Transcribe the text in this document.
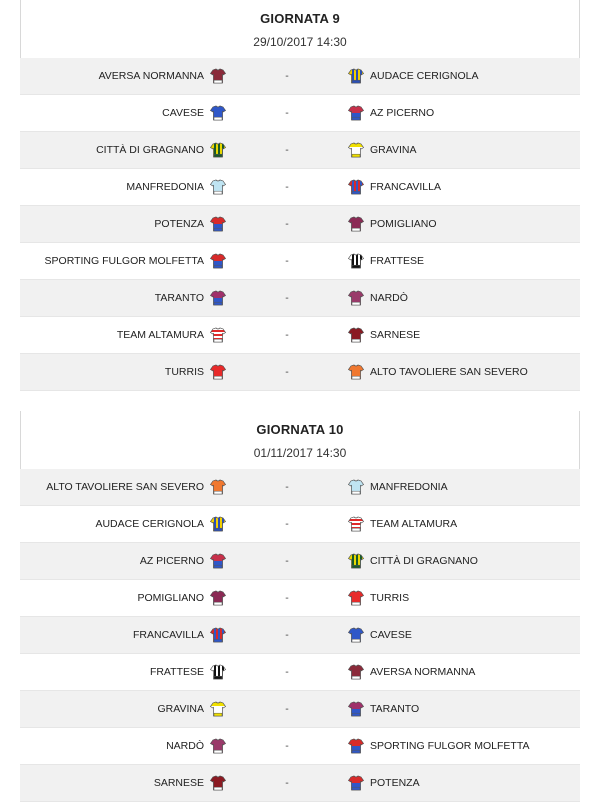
GIORNATA 9
29/10/2017 14:30
AVERSA NORMANNA	-	AUDACE CERIGNOLA
CAVESE	-	AZ PICERNO
CITTÀ DI GRAGNANO	-	GRAVINA
MANFREDONIA	-	FRANCAVILLA
POTENZA	-	POMIGLIANO
SPORTING FULGOR MOLFETTA	-	FRATTESE
TARANTO	-	NARDÒ
TEAM ALTAMURA	-	SARNESE
TURRIS	-	ALTO TAVOLIERE SAN SEVERO
GIORNATA 10
01/11/2017 14:30
ALTO TAVOLIERE SAN SEVERO	-	MANFREDONIA
AUDACE CERIGNOLA	-	TEAM ALTAMURA
AZ PICERNO	-	CITTÀ DI GRAGNANO
POMIGLIANO	-	TURRIS
FRANCAVILLA	-	CAVESE
FRATTESE	-	AVERSA NORMANNA
GRAVINA	-	TARANTO
NARDÒ	-	SPORTING FULGOR MOLFETTA
SARNESE	-	POTENZA
